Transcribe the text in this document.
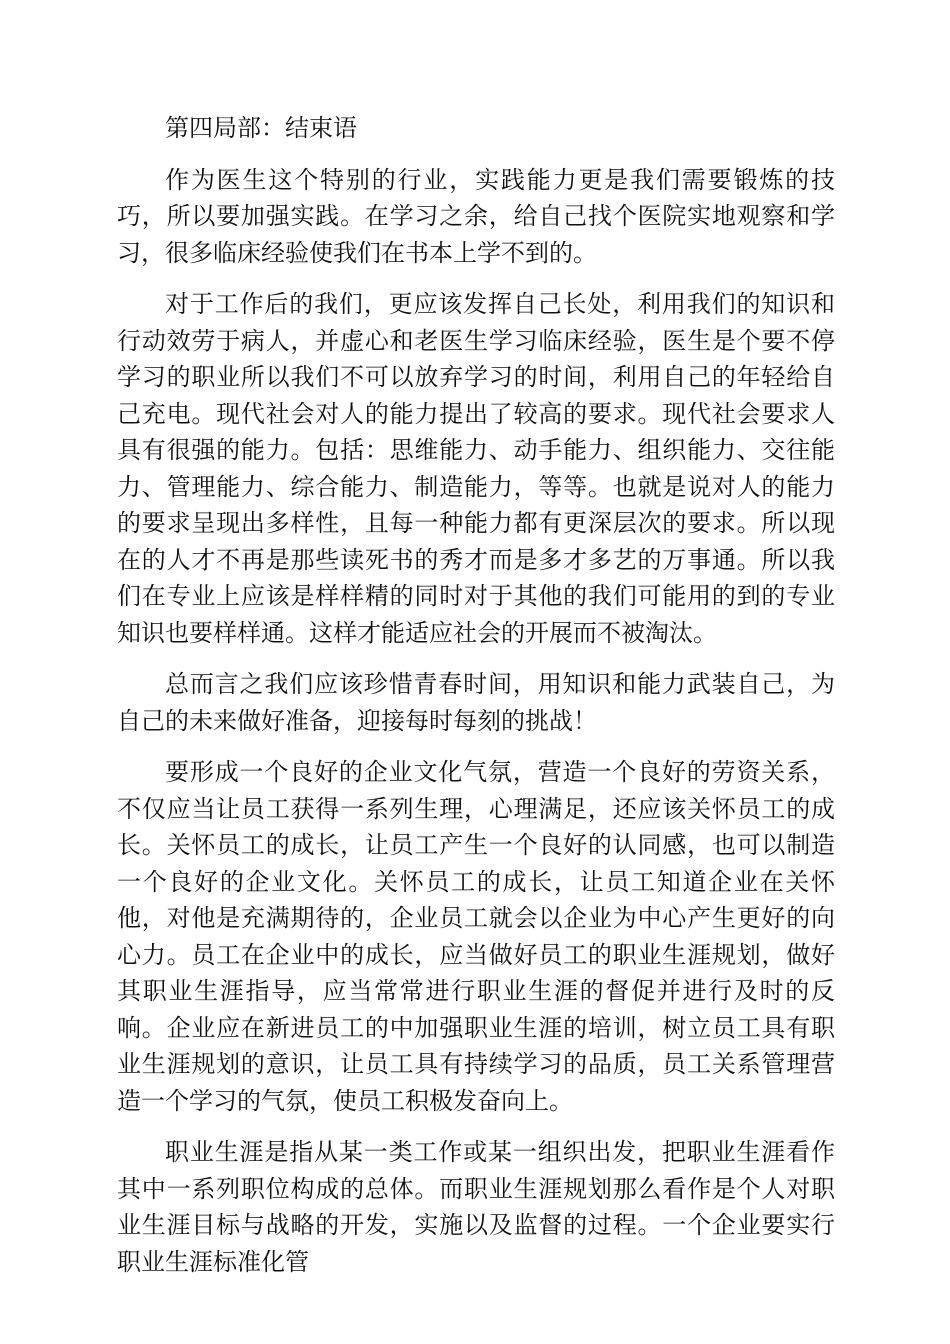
第四局部：结束语

作为医生这个特别的行业，实践能力更是我们需要锻炼的技巧，所以要加强实践。在学习之余，给自己找个医院实地观察和学习，很多临床经验使我们在书本上学不到的。

对于工作后的我们，更应该发挥自己长处，利用我们的知识和行动效劳于病人，并虚心和老医生学习临床经验，医生是个要不停学习的职业所以我们不可以放弃学习的时间，利用自己的年轻给自己充电。现代社会对人的能力提出了较高的要求。现代社会要求人具有很强的能力。包括：思维能力、动手能力、组织能力、交往能力、管理能力、综合能力、制造能力，等等。也就是说对人的能力的要求呈现出多样性，且每一种能力都有更深层次的要求。所以现在的人才不再是那些读死书的秀才而是多才多艺的万事通。所以我们在专业上应该是样样精的同时对于其他的我们可能用的到的专业知识也要样样通。这样才能适应社会的开展而不被淘汰。

总而言之我们应该珍惜青春时间，用知识和能力武装自己，为自己的未来做好准备，迎接每时每刻的挑战！

要形成一个良好的企业文化气氛，营造一个良好的劳资关系，不仅应当让员工获得一系列生理，心理满足，还应该关怀员工的成长。关怀员工的成长，让员工产生一个良好的认同感，也可以制造一个良好的企业文化。关怀员工的成长，让员工知道企业在关怀他，对他是充满期待的，企业员工就会以企业为中心产生更好的向心力。员工在企业中的成长，应当做好员工的职业生涯规划，做好其职业生涯指导，应当常常进行职业生涯的督促并进行及时的反响。企业应在新进员工的中加强职业生涯的培训，树立员工具有职业生涯规划的意识，让员工具有持续学习的品质，员工关系管理营造一个学习的气氛，使员工积极发奋向上。

职业生涯是指从某一类工作或某一组织出发，把职业生涯看作其中一系列职位构成的总体。而职业生涯规划那么看作是个人对职业生涯目标与战略的开发，实施以及监督的过程。一个企业要实行职业生涯标准化管
